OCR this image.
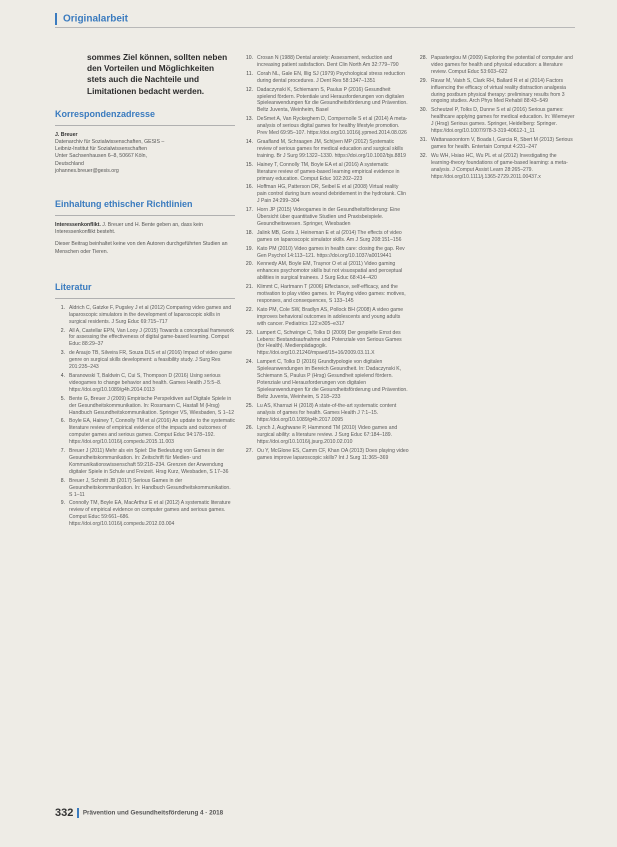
Originalarbeit

sommes Ziel können, sollten neben den Vorteilen und Möglichkeiten stets auch die Nachteile und Limitationen bedacht werden.

Korrespondenzadresse
J. Breuer
Datenarchiv für Sozialwissenschaften, GESIS –
Leibniz-Institut für Sozialwissenschaften
Unter Sachsenhausen 6–8, 50667 Köln,
Deutschland
johannes.breuer@gesis.org
Einhaltung ethischer Richtlinien

Interessenkonflikt. J. Breuer und H. Bente geben an, dass kein Interessenkonflikt besteht.

Dieser Beitrag beinhaltet keine von den Autoren durchgeführten Studien an Menschen oder Tieren.

Literatur
1. Aldrich C, Gatzke F, Pugsley J et al (2012) Comparing video games and laparoscopic simulators in the development of laparoscopic skills in surgical residents. J Surg Educ 69:715–717
2. All A, Castellar EPN, Van Looy J (2015) Towards a conceptual framework for assessing the effectiveness of digital game-based learning. Comput Educ 88:29–37
3. de Araujo TB, Silveira FR, Souza DLS et al (2016) Impact of video game genre on surgical skills development: a feasibility study. J Surg Res 201:235–243
4. Baranowski T, Baldwin C, Cui S, Thompson D (2016) Using serious videogames to change behavior and health. Games Health J 5:5–8. https://doi.org/10.1089/g4h.2014.0113
5. Bente G, Breuer J (2009) Empirische Perspektiven auf Digitale Spiele in der Gesundheitskommunikation. In: Rossmann C, Hastall M (Hrsg) Handbuch Gesundheitskommunikation. Springer VS, Wiesbaden, S 1–12
6. Boyle EA, Hainey T, Connolly TM et al (2016) An update to the systematic literature review of empirical evidence of the impacts and outcomes of computer games and serious games. Comput Educ 94:178–192. https://doi.org/10.1016/j.compedu.2015.11.003
7. Breuer J (2011) Mehr als ein Spiel: Die Bedeutung von Games in der Gesundheitskommunikation. In: Zeitschrift für Medien- und Kommunikationswissenschaft 59:218–234. Grenzen der Anwendung digitaler Spiele in Schule und Freizeit. Hrsg Kurz, Wiesbaden, S 17–36
8. Breuer J, Schmitt JB (2017) Serious Games in der Gesundheitskommunikation. In: Handbuch Gesundheitskommunikation. S 1–11
9. Connolly TM, Boyle EA, MacArthur E et al (2012) A systematic literature review of empirical evidence on computer games and serious games. Comput Educ 59:661–686. https://doi.org/10.1016/j.compedu.2012.03.004
10. Crosan N (1988) Dental anxiety: Assessment, reduction and increasing patient satisfaction. Dent Clin North Am 32:779–790
11. Corah NL, Gale EN, Illig SJ (1979) Psychological stress reduction during dental procedures. J Dent Res 58:1347–1351
12. Dadaczynski K, Schiemann S, Paulus P (2016) Gesundheit spielend fördern. Potentiale und Herausforderungen von digitalen Spieleanwendungen für die Gesundheitsförderung und Prävention. Beltz Juventa, Weinheim, Basel
13. DeSmet A, Van Ryckeghem D, Compernolle S et al (2014) A meta-analysis of serious digital games for healthy lifestyle promotion. Prev Med 69:95–107. https://doi.org/10.1016/j.ypmed.2014.08.026
14. Graafland M, Schraagen JM, Schijven MP (2012) Systematic review of serious games for medical education and surgical skills training. Br J Surg 99:1322–1330. https://doi.org/10.1002/bjs.8819
15. Hainey T, Connolly TM, Boyle EA et al (2016) A systematic literature review of games-based learning empirical evidence in primary education. Comput Educ 102:202–223
16. Hoffman HG, Patterson DR, Seibel E et al (2008) Virtual reality pain control during burn wound debridement in the hydrotank. Clin J Pain 24:299–304
17. Horn JP (2015) Videogames in der Gesundheitsförderung: Eine Übersicht über quantitative Studien und Praxisbeispiele. Gesundheitswesen. Springer, Wiesbaden
18. Jalink MB, Goris J, Heineman E et al (2014) The effects of video games on laparoscopic simulator skills. Am J Surg 208:151–156
19. Kato PM (2010) Video games in health care: closing the gap. Rev Gen Psychol 14:113–121. https://doi.org/10.1037/a0019441
20. Kennedy AM, Boyle EM, Traynor O et al (2011) Video gaming enhances psychomotor skills but not visuospatial and perceptual abilities in surgical trainees. J Surg Educ 68:414–420
21. Klimmt C, Hartmann T (2006) Effectance, self-efficacy, and the motivation to play video games. In: Playing video games: motives, responses, and consequences, S 133–145
22. Kato PM, Cole SW, Bradlyn AS, Pollock BH (2008) A video game improves behavioral outcomes in adolescents and young adults with cancer. Pediatrics 122:e305–e317
23. Lampert C, Schwinge C, Tolks D (2009) Der gespielte Ernst des Lebens: Bestandsaufnahme und Potenziale von Serious Games (for Health). Medienpädagogik. https://doi.org/10.21240/mpaed/15+16/2009.03.11.X
24. Lampert C, Tolks D (2016) Grundtypologie von digitalen Spieleanwendungen im Bereich Gesundheit. In: Dadaczynski K, Schiemann S, Paulus P (Hrsg) Gesundheit spielend fördern. Potenziale und Herausforderungen von digitalen Spieleanwendungen für die Gesundheitsförderung und Prävention. Beltz Juventa, Weinheim, S 218–233
25. Lu AS, Kharrazi H (2018) A state-of-the-art systematic content analysis of games for health. Games Health J 7:1–15. https://doi.org/10.1089/g4h.2017.0095
26. Lynch J, Aughwane P, Hammond TM (2010) Video games and surgical ability: a literature review. J Surg Educ 67:184–189. https://doi.org/10.1016/j.jsurg.2010.02.010
27. Ou Y, McGlone ES, Camm CF, Khan OA (2013) Does playing video games improve laparoscopic skills? Int J Surg 11:365–369
28. Papastergiou M (2009) Exploring the potential of computer and video games for health and physical education: a literature review. Comput Educ 53:603–622
29. Ravar M, Vaish S, Clark RH, Ballard R et al (2014) Factors influencing the efficacy of virtual reality distraction analgesia during postburn physical therapy: preliminary results from 3 ongoing studies. Arch Phys Med Rehabil 88:43–549
30. Scheutzel P, Tolks D, Dunne S et al (2016) Serious games: healthcare applying games for medical education. In: Wiemeyer J (Hrsg) Serious games. Springer, Heidelberg: Springer. https://doi.org/10.1007/978-3-319-40612-1_11
31. Wattanasoontorn V, Boada I, Garcia R, Sbert M (2013) Serious games for health. Entertain Comput 4:231–247
32. Wu WH, Hsiao HC, Wu PL et al (2012) Investigating the learning-theory foundations of game-based learning: a meta-analysis. J Comput Assist Learn 28:265–279. https://doi.org/10.1111/j.1365-2729.2011.00437.x
332 Prävention und Gesundheitsförderung 4 · 2018
